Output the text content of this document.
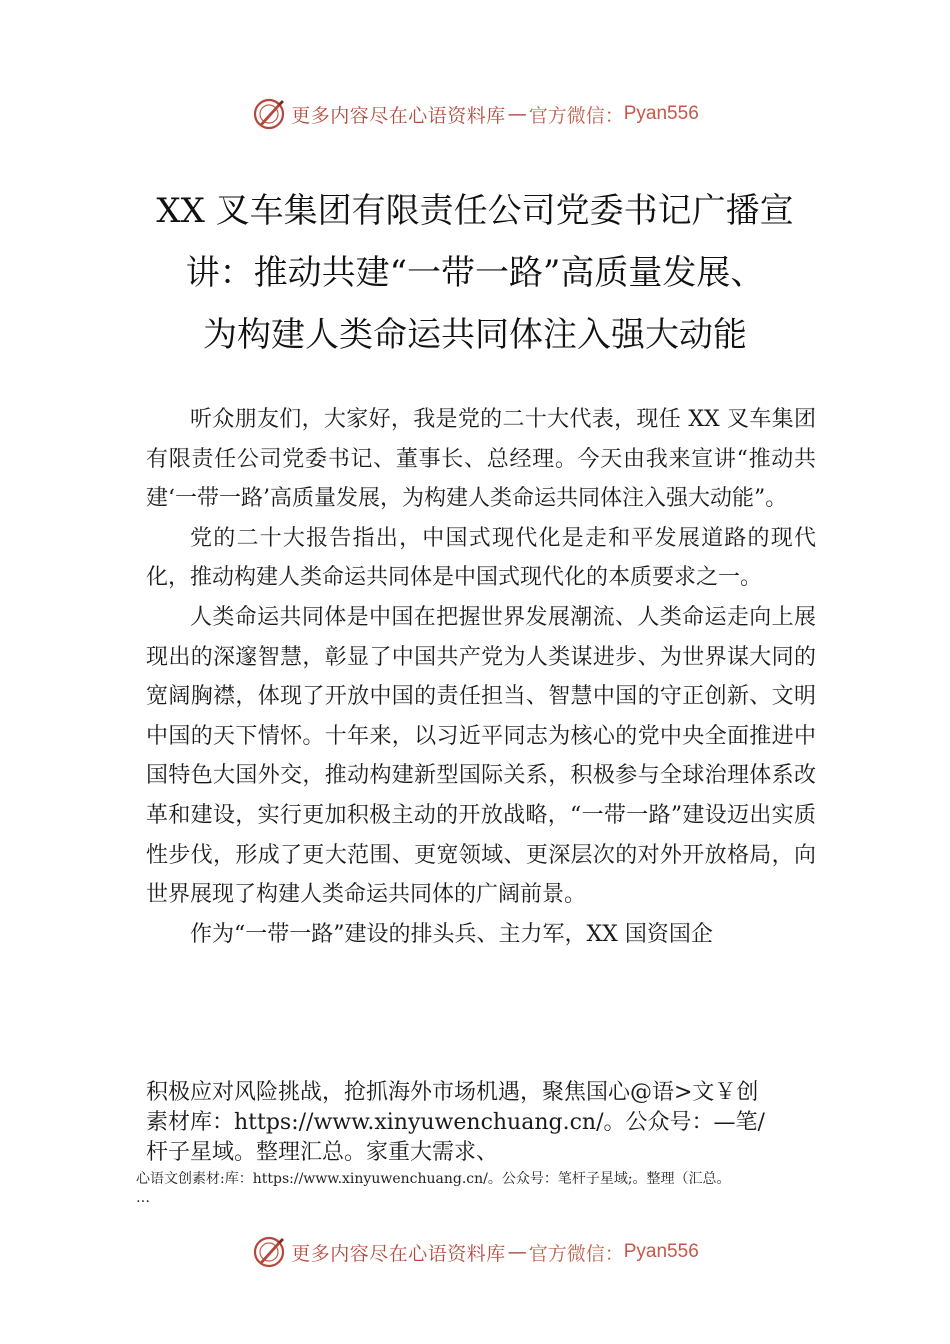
更多内容尽在心语资料库 — 官方微信： Pyan556
XX 叉车集团有限责任公司党委书记广播宣
讲：推动共建“一带一路”高质量发展、
为构建人类命运共同体注入强大动能

听众朋友们，大家好，我是党的二十大代表，现任 XX 叉车集团有限责任公司党委书记、董事长、总经理。今天由我来宣讲“推动共建‘一带一路’高质量发展，为构建人类命运共同体注入强大动能”。

党的二十大报告指出，中国式现代化是走和平发展道路的现代化，推动构建人类命运共同体是中国式现代化的本质要求之一。

人类命运共同体是中国在把握世界发展潮流、人类命运走向上展现出的深邃智慧，彰显了中国共产党为人类谋进步、为世界谋大同的宽阔胸襟，体现了开放中国的责任担当、智慧中国的守正创新、文明中国的天下情怀。十年来，以习近平同志为核心的党中央全面推进中国特色大国外交，推动构建新型国际关系，积极参与全球治理体系改革和建设，实行更加积极主动的开放战略，“一带一路”建设迈出实质性步伐，形成了更大范围、更宽领域、更深层次的对外开放格局，向世界展现了构建人类命运共同体的广阔前景。

作为“一带一路”建设的排头兵、主力军，XX 国资国企

积极应对风险挑战，抢抓海外市场机遇，聚焦国心@语>文￥创
素材库：https://www.xinyuwenchuang.cn/。公众号：—笔/
杆子星域。整理汇总。家重大需求、
心语文创素材:库：https://www.xinyuwenchuang.cn/。公众号：笔杆子星域;。整理（汇总。
…
更多内容尽在心语资料库 — 官方微信： Pyan556
